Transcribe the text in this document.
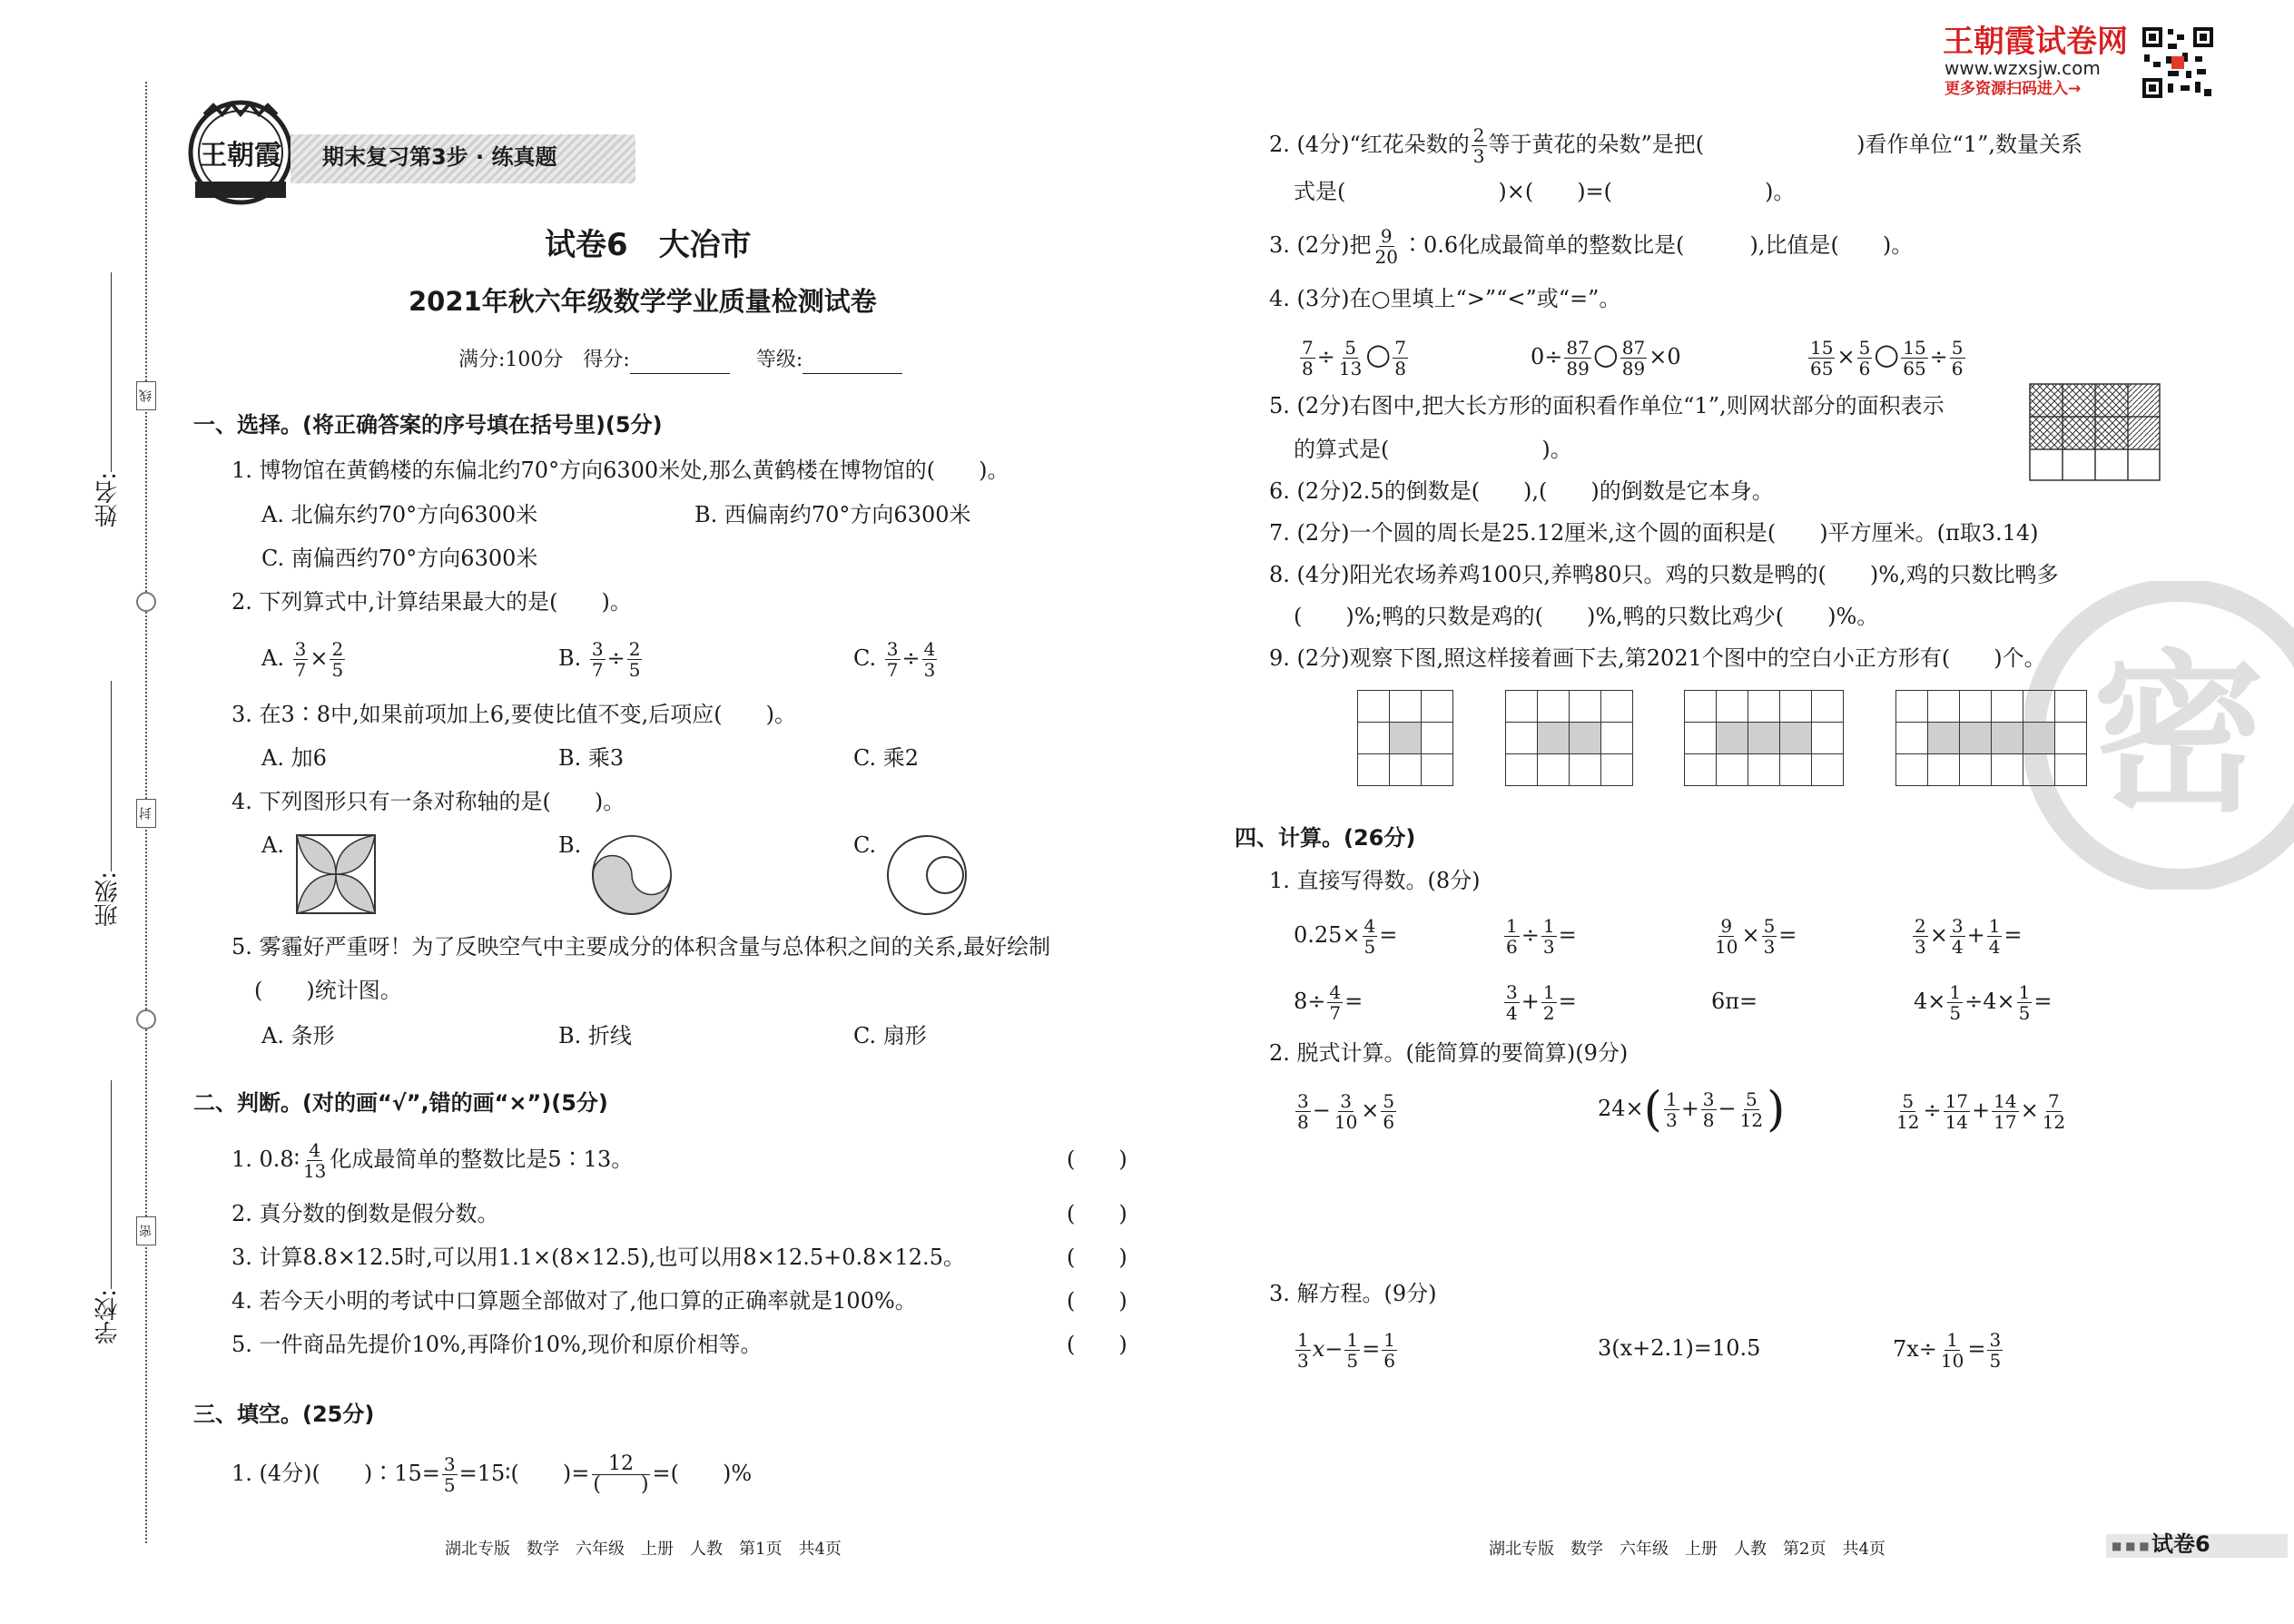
线
封
密
姓名:
班级:
学校:
王朝霞	期末复习第3步 · 练真题
试卷6　大冶市
2021年秋六年级数学学业质量检测试卷
满分:100分　得分:	等级:
一、选择。(将正确答案的序号填在括号里)(5分)
1. 博物馆在黄鹤楼的东偏北约70°方向6300米处,那么黄鹤楼在博物馆的(　　)。
A. 北偏东约70°方向6300米	B. 西偏南约70°方向6300米
C. 南偏西约70°方向6300米
2. 下列算式中,计算结果最大的是(　　)。
A. $\frac{3}{7} \times \frac{2}{5}$	B. $\frac{3}{7} \div \frac{2}{5}$	C. $\frac{3}{7} \div \frac{4}{3}$
3. 在3∶8中,如果前项加上6,要使比值不变,后项应(　　)。
A. 加6	B. 乘3	C. 乘2
4. 下列图形只有一条对称轴的是(　　)。
A.	B.	C.
5. 雾霾好严重呀！为了反映空气中主要成分的体积含量与总体积之间的关系,最好绘制
(　　)统计图。
A. 条形	B. 折线	C. 扇形
二、判断。(对的画“√”,错的画“×”)(5分)
1. 0.8∶ $\frac{4}{13}$ 化成最简单的整数比是5∶13。
2. 真分数的倒数是假分数。
3. 计算8.8×12.5时,可以用1.1×(8×12.5),也可以用8×12.5+0.8×12.5。
4. 若今天小明的考试中口算题全部做对了,他口算的正确率就是100%。
5. 一件商品先提价10%,再降价10%,现价和原价相等。
(　　)
(　　)
(　　)
(　　)
(　　)
三、填空。(25分)
1. (4分)(　　)∶15= $\frac{3}{5}$ =15∶(　　)= $\frac{12}{( )}$ =(　　)%
湖北专版　数学　六年级　上册　人教　第1页　共4页
王朝霞试卷网
www.wzxsjw.com
更多资源扫码进入→
密
2. (4分)“红花朵数的 $\frac{2}{3}$ 等于黄花的朵数”是把(　　　　　　　)看作单位“1”,数量关系
式是(　　　　　　　)×(　　)=(　　　　　　　)。
3. (2分)把 $\frac{9}{20}$ ∶0.6化成最简单的整数比是(　　　),比值是(　　)。
4. (3分)在○里填上“>”“<”或“=”。
$\frac{7}{8} \div \frac{5}{13}$ ○ $\frac{7}{8}$	$0\div \frac{87}{89}$ ○ $\frac{87}{89} \times 0$	$\frac{15}{65} \times \frac{5}{6}$ ○ $\frac{15}{65} \div \frac{5}{6}$
5. (2分)右图中,把大长方形的面积看作单位“1”,则网状部分的面积表示
的算式是(　　　　　　　)。
6. (2分)2.5的倒数是(　　),(　　)的倒数是它本身。
7. (2分)一个圆的周长是25.12厘米,这个圆的面积是(　　)平方厘米。(π取3.14)
8. (4分)阳光农场养鸡100只,养鸭80只。鸡的只数是鸭的(　　)%,鸡的只数比鸭多
(　　)%;鸭的只数是鸡的(　　)%,鸭的只数比鸡少(　　)%。
9. (2分)观察下图,照这样接着画下去,第2021个图中的空白小正方形有(　　)个。
四、计算。(26分)
1. 直接写得数。(8分)
$0.25\times \frac{4}{5}$ =	$\frac{1}{6} \div \frac{1}{3}$ =	$\frac{9}{10} \times \frac{5}{3}$ =	$\frac{2}{3} \times \frac{3}{4} + \frac{1}{4}$ =
$8\div \frac{4}{7}$ =	$\frac{3}{4} + \frac{1}{2}$ =	6π=	$4\times \frac{1}{5} \div 4\times \frac{1}{5}$ =
2. 脱式计算。(能简算的要简算)(9分)
$\frac{3}{8} - \frac{3}{10} \times \frac{5}{6}$	$24\times( \frac{1}{3} + \frac{3}{8} - \frac{5}{12}$ )	$\frac{5}{12} \div \frac{17}{14} + \frac{14}{17} \times \frac{7}{12}$
3. 解方程。(9分)
$\frac{1}{3} x- \frac{1}{5} = \frac{1}{6}$	3(x+2.1)=10.5	$7x\div \frac{1}{10} = \frac{3}{5}$
湖北专版　数学　六年级　上册　人教　第2页　共4页	■ ■ ■ 试卷6
